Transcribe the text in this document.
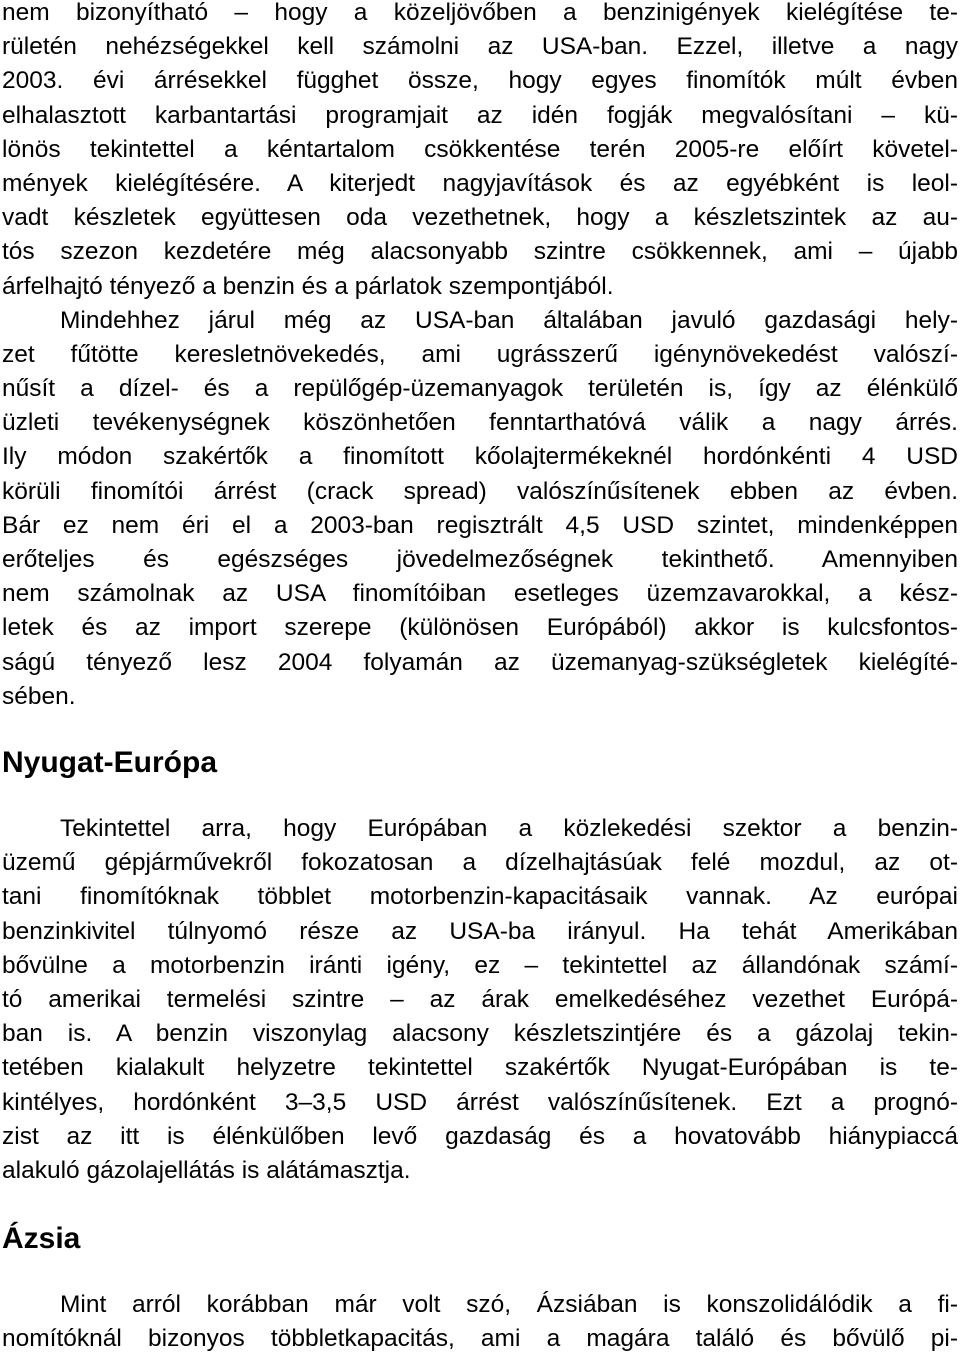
nem bizonyítható – hogy a közeljövőben a benzinigények kielégítése te-
rületén nehézségekkel kell számolni az USA-ban. Ezzel, illetve a nagy
2003. évi árrésekkel függhet össze, hogy egyes finomítók múlt évben
elhalasztott karbantartási programjait az idén fogják megvalósítani – kü-
lönös tekintettel a kéntartalom csökkentése terén 2005-re előírt követel-
mények kielégítésére. A kiterjedt nagyjavítások és az egyébként is leol-
vadt készletek együttesen oda vezethetnek, hogy a készletszintek az au-
tós szezon kezdetére még alacsonyabb szintre csökkennek, ami – újabb
árfelhajtó tényező a benzin és a párlatok szempontjából.
Mindehhez járul még az USA-ban általában javuló gazdasági hely-
zet fűtötte keresletnövekedés, ami ugrásszerű igénynövekedést valószí-
nűsít a dízel- és a repülőgép-üzemanyagok területén is, így az élénkülő
üzleti tevékenységnek köszönhetően fenntarthatóvá válik a nagy árrés.
Ily módon szakértők a finomított kőolajtermékeknél hordónkénti 4 USD
körüli finomítói árrést (crack spread) valószínűsítenek ebben az évben.
Bár ez nem éri el a 2003-ban regisztrált 4,5 USD szintet, mindenképpen
erőteljes és egészséges jövedelmezőségnek tekinthető. Amennyiben
nem számolnak az USA finomítóiban esetleges üzemzavarokkal, a kész-
letek és az import szerepe (különösen Európából) akkor is kulcsfontos-
ságú tényező lesz 2004 folyamán az üzemanyag-szükségletek kielégíté-
sében.
Nyugat-Európa
Tekintettel arra, hogy Európában a közlekedési szektor a benzin-
üzemű gépjárművekről fokozatosan a dízelhajtásúak felé mozdul, az ot-
tani finomítóknak többlet motorbenzin-kapacitásaik vannak. Az európai
benzinkivitel túlnyomó része az USA-ba irányul. Ha tehát Amerikában
bővülne a motorbenzin iránti igény, ez – tekintettel az állandónak számí-
tó amerikai termelési szintre – az árak emelkedéséhez vezethet Európá-
ban is. A benzin viszonylag alacsony készletszintjére és a gázolaj tekin-
tetében kialakult helyzetre tekintettel szakértők Nyugat-Európában is te-
kintélyes, hordónként 3–3,5 USD árrést valószínűsítenek. Ezt a prognó-
zist az itt is élénkülőben levő gazdaság és a hovatovább hiánypiaccá
alakuló gázolajellátás is alátámasztja.
Ázsia
Mint arról korábban már volt szó, Ázsiában is konszolidálódik a fi-
nomítóknál bizonyos többletkapacitás, ami a magára találó és bővülő pi-
